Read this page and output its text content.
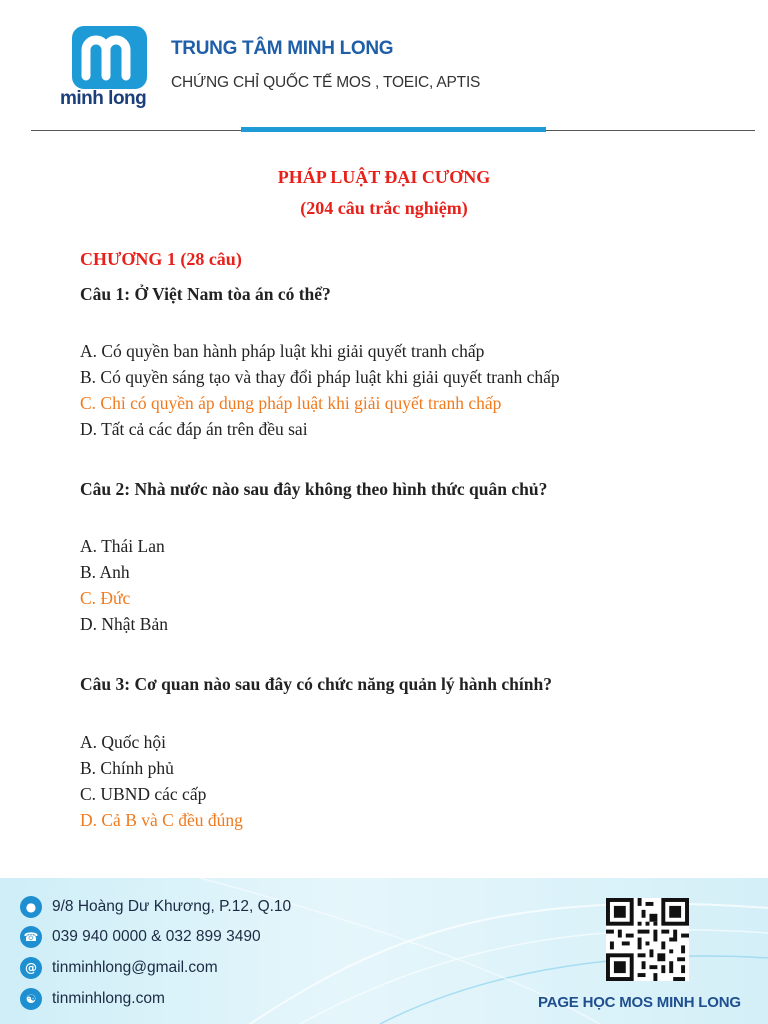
minh long
TRUNG TÂM MINH LONG
CHỨNG CHỈ QUỐC TẾ MOS , TOEIC, APTIS
PHÁP LUẬT ĐẠI CƯƠNG
(204 câu trắc nghiệm)
CHƯƠNG 1 (28 câu)
Câu 1: Ở Việt Nam tòa án có thể?
A. Có quyền ban hành pháp luật khi giải quyết tranh chấp
B. Có quyền sáng tạo và thay đổi pháp luật khi giải quyết tranh chấp
C. Chỉ có quyền áp dụng pháp luật khi giải quyết tranh chấp
D. Tất cả các đáp án trên đều sai
Câu 2: Nhà nước nào sau đây không theo hình thức quân chủ?
A. Thái Lan
B. Anh
C. Đức
D. Nhật Bản
Câu 3: Cơ quan nào sau đây có chức năng quản lý hành chính?
A. Quốc hội
B. Chính phủ
C. UBND các cấp
D. Cả B và C đều đúng
●	9/8 Hoàng Dư Khương, P.12, Q.10
☎ 039 940 0000 & 032 899 3490
@ tinminhlong@gmail.com
☯	tinminhlong.com	PAGE HỌC MOS MINH LONG
